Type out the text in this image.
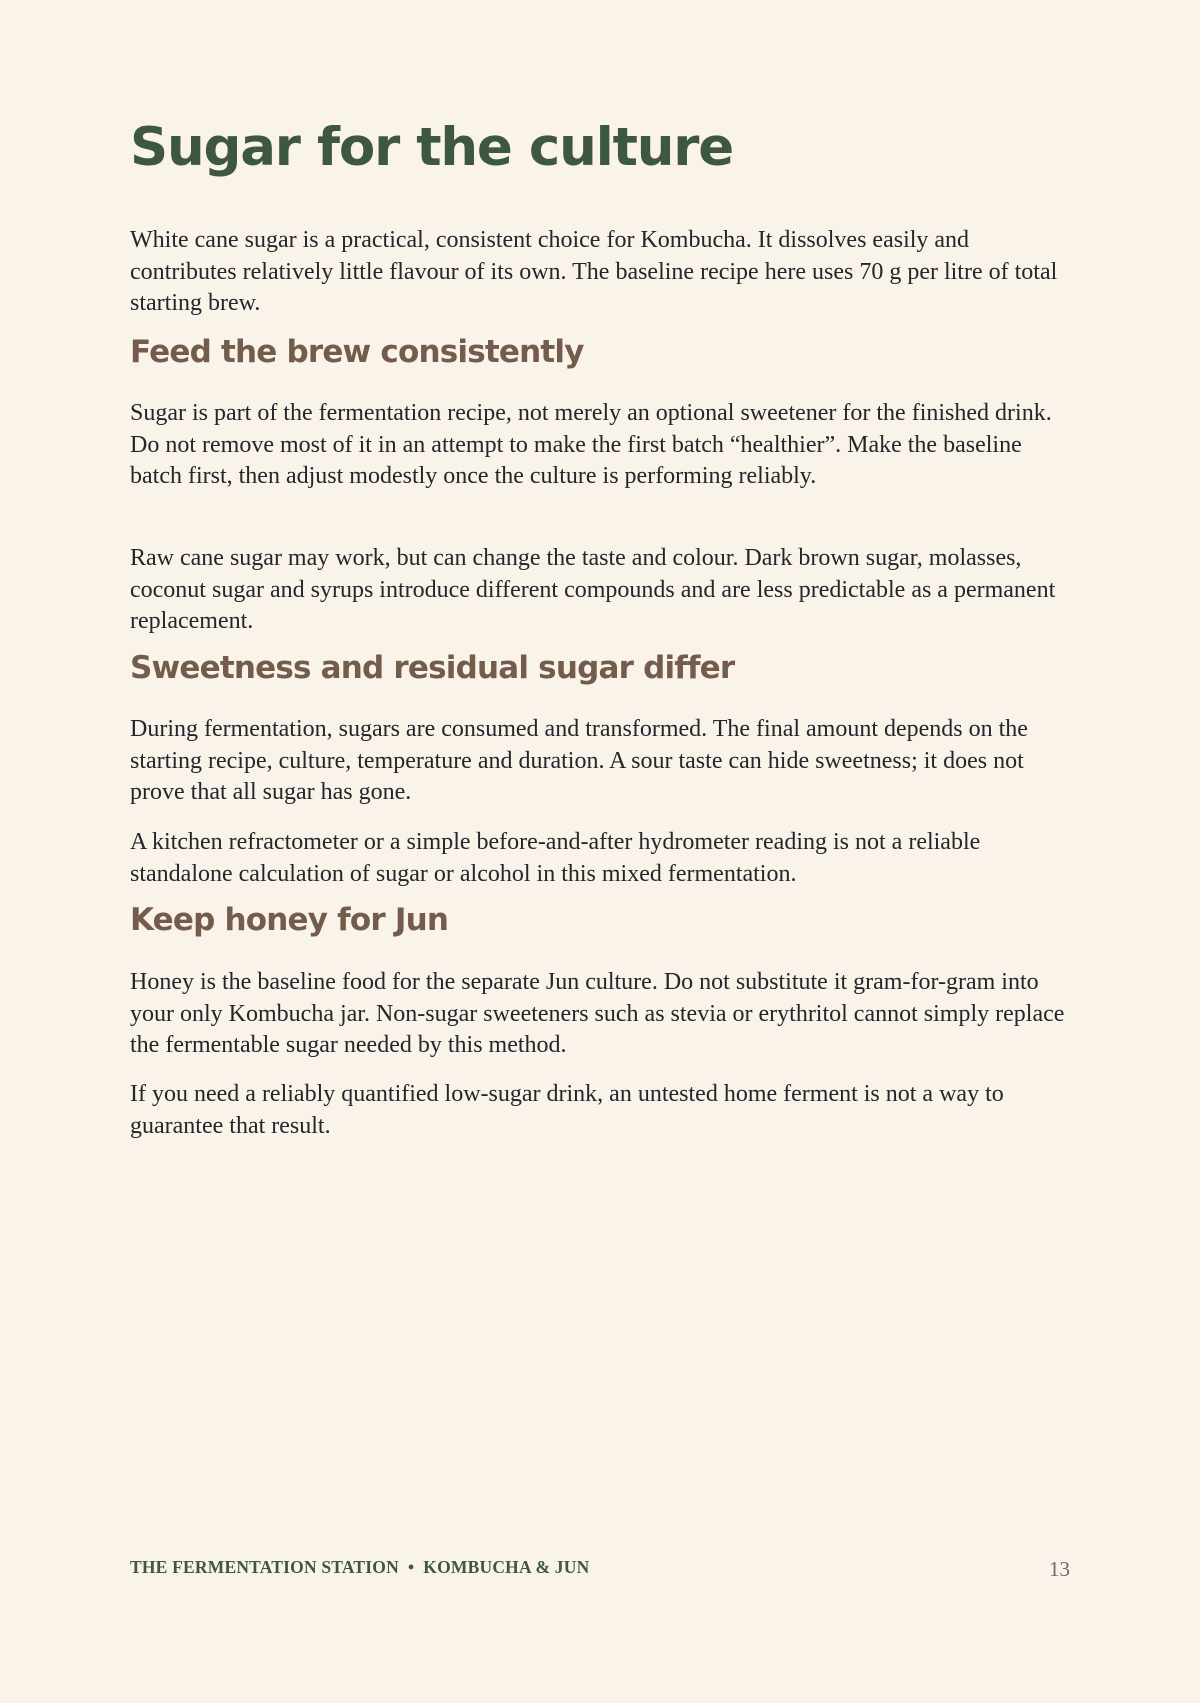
Sugar for the culture

White cane sugar is a practical, consistent choice for Kombucha. It dissolves easily and contributes relatively little flavour of its own. The baseline recipe here uses 70 g per litre of total starting brew.

Feed the brew consistently

Sugar is part of the fermentation recipe, not merely an optional sweetener for the finished drink. Do not remove most of it in an attempt to make the first batch “healthier”. Make the baseline batch first, then adjust modestly once the culture is performing reliably.

Raw cane sugar may work, but can change the taste and colour. Dark brown sugar, molasses, coconut sugar and syrups introduce different compounds and are less predictable as a permanent replacement.

Sweetness and residual sugar differ

During fermentation, sugars are consumed and transformed. The final amount depends on the starting recipe, culture, temperature and duration. A sour taste can hide sweetness; it does not prove that all sugar has gone.

A kitchen refractometer or a simple before-and-after hydrometer reading is not a reliable standalone calculation of sugar or alcohol in this mixed fermentation.

Keep honey for Jun

Honey is the baseline food for the separate Jun culture. Do not substitute it gram-for-gram into your only Kombucha jar. Non-sugar sweeteners such as stevia or erythritol cannot simply replace the fermentable sugar needed by this method.

If you need a reliably quantified low-sugar drink, an untested home ferment is not a way to guarantee that result.

THE FERMENTATION STATION • KOMBUCHA & JUN	13
